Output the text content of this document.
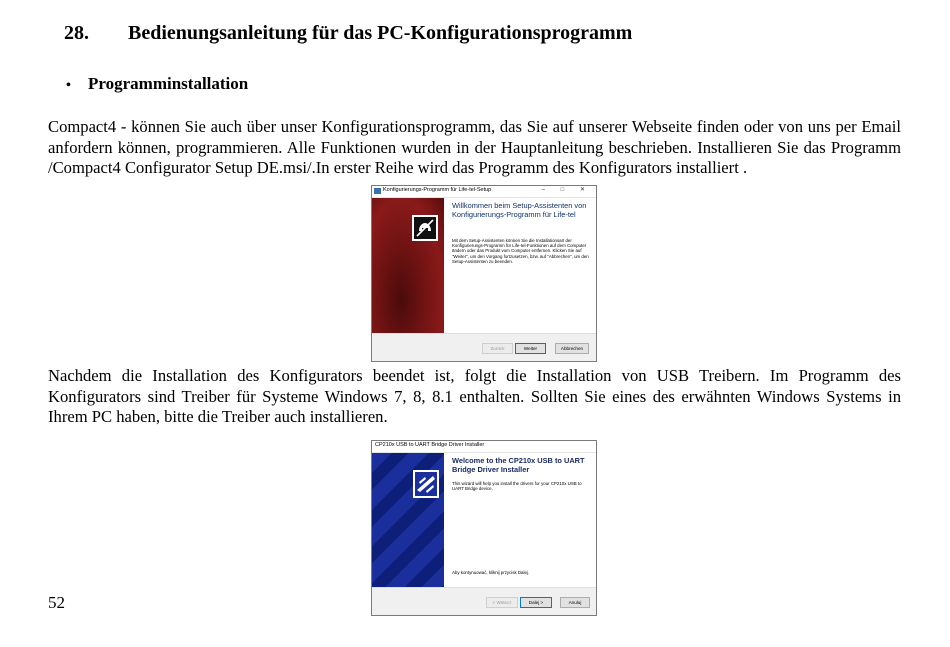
28. Bedienungsanleitung für das PC-Konfigurationsprogramm
• Programminstallation

Compact4 - können Sie auch über unser Konfigurationsprogramm, das Sie auf unserer Webseite finden oder von uns per Email anfordern können, programmieren. Alle Funktionen wurden in der Hauptanleitung beschrieben. Installieren Sie das Programm /Compact4 Configurator Setup DE.msi/.In erster Reihe wird das Programm des Konfigurators installiert .

Konfigurierungs-Programm für Life-tel-Setup	– □ ✕
Willkommen beim Setup-Assistenten von Konfigurierungs-Programm für Life-tel
Mit dem Setup-Assistenten können Sie die Installationsart der Konfigurierungs-Programm für Life-tel-Funktionen auf dem Computer ändern oder das Produkt vom Computer entfernen. Klicken Sie auf "Weiter", um den Vorgang fortzusetzen, bzw. auf "Abbrechen", um den Setup-Assistenten zu beenden.
Zurück	Weiter	Abbrechen

Nachdem die Installation des Konfigurators beendet ist, folgt die Installation von USB Treibern. Im Programm des Konfigurators sind Treiber für Systeme Windows 7, 8, 8.1 enthalten. Sollten Sie eines des erwähnten Windows Systems in Ihrem PC haben, bitte die Treiber auch installieren.

CP210x USB to UART Bridge Driver Installer
Welcome to the CP210x USB to UART Bridge Driver Installer
This wizard will help you install the drivers for your CP210x USB to UART Bridge device.
Aby kontynuować, kliknij przycisk Dalej.
< Wstecz	Dalej >	Anuluj
52
